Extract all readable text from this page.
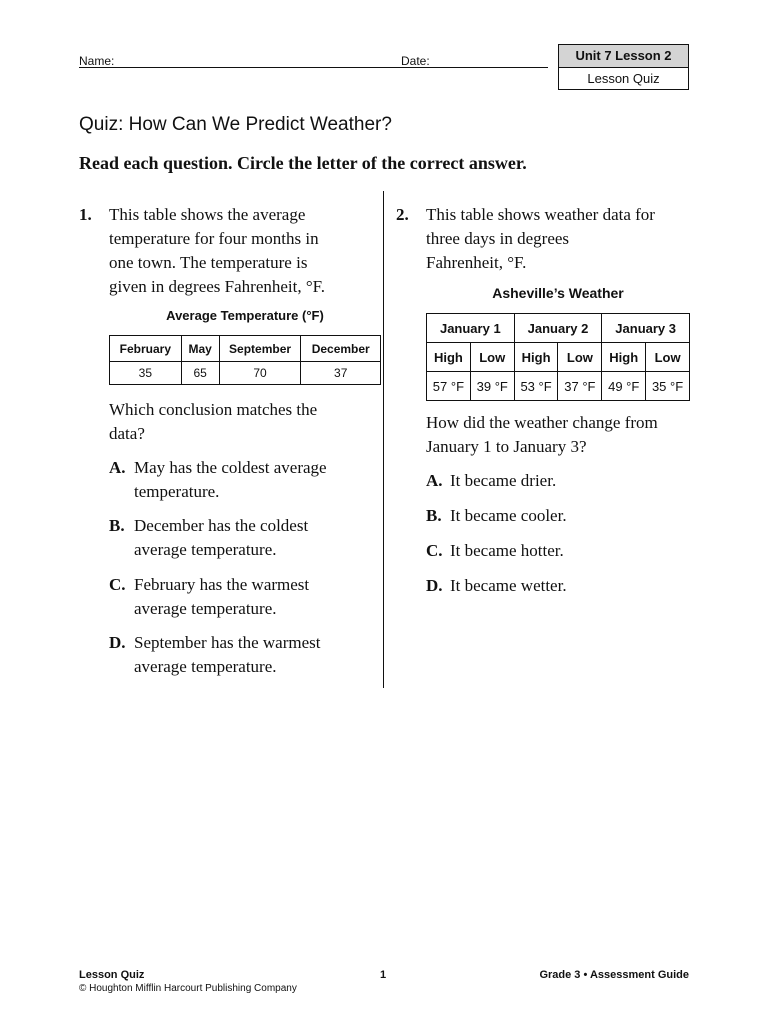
Name:	Date:	Unit 7 Lesson 2
Lesson Quiz
Quiz: How Can We Predict Weather?
Read each question. Circle the letter of the correct answer.
1. This table shows the average
temperature for four months in
one town. The temperature is
given in degrees Fahrenheit, °F.
Average Temperature (°F)
February	May	September	December
35	65	70	37
Which conclusion matches the
data?
A. May has the coldest average
temperature.
B. December has the coldest
average temperature.
C. February has the warmest
average temperature.
D. September has the warmest
average temperature.
2. This table shows weather data for
three days in degrees
Fahrenheit, °F.
Asheville’s Weather
January 1		January 2		January 3	
High	Low	High	Low	High	Low
57 °F	39 °F	53 °F	37 °F	49 °F	35 °F
How did the weather change from
January 1 to January 3?
A. It became drier.
B. It became cooler.
C. It became hotter.
D. It became wetter.
Lesson Quiz	1	Grade 3 • Assessment Guide
© Houghton Mifflin Harcourt Publishing Company
